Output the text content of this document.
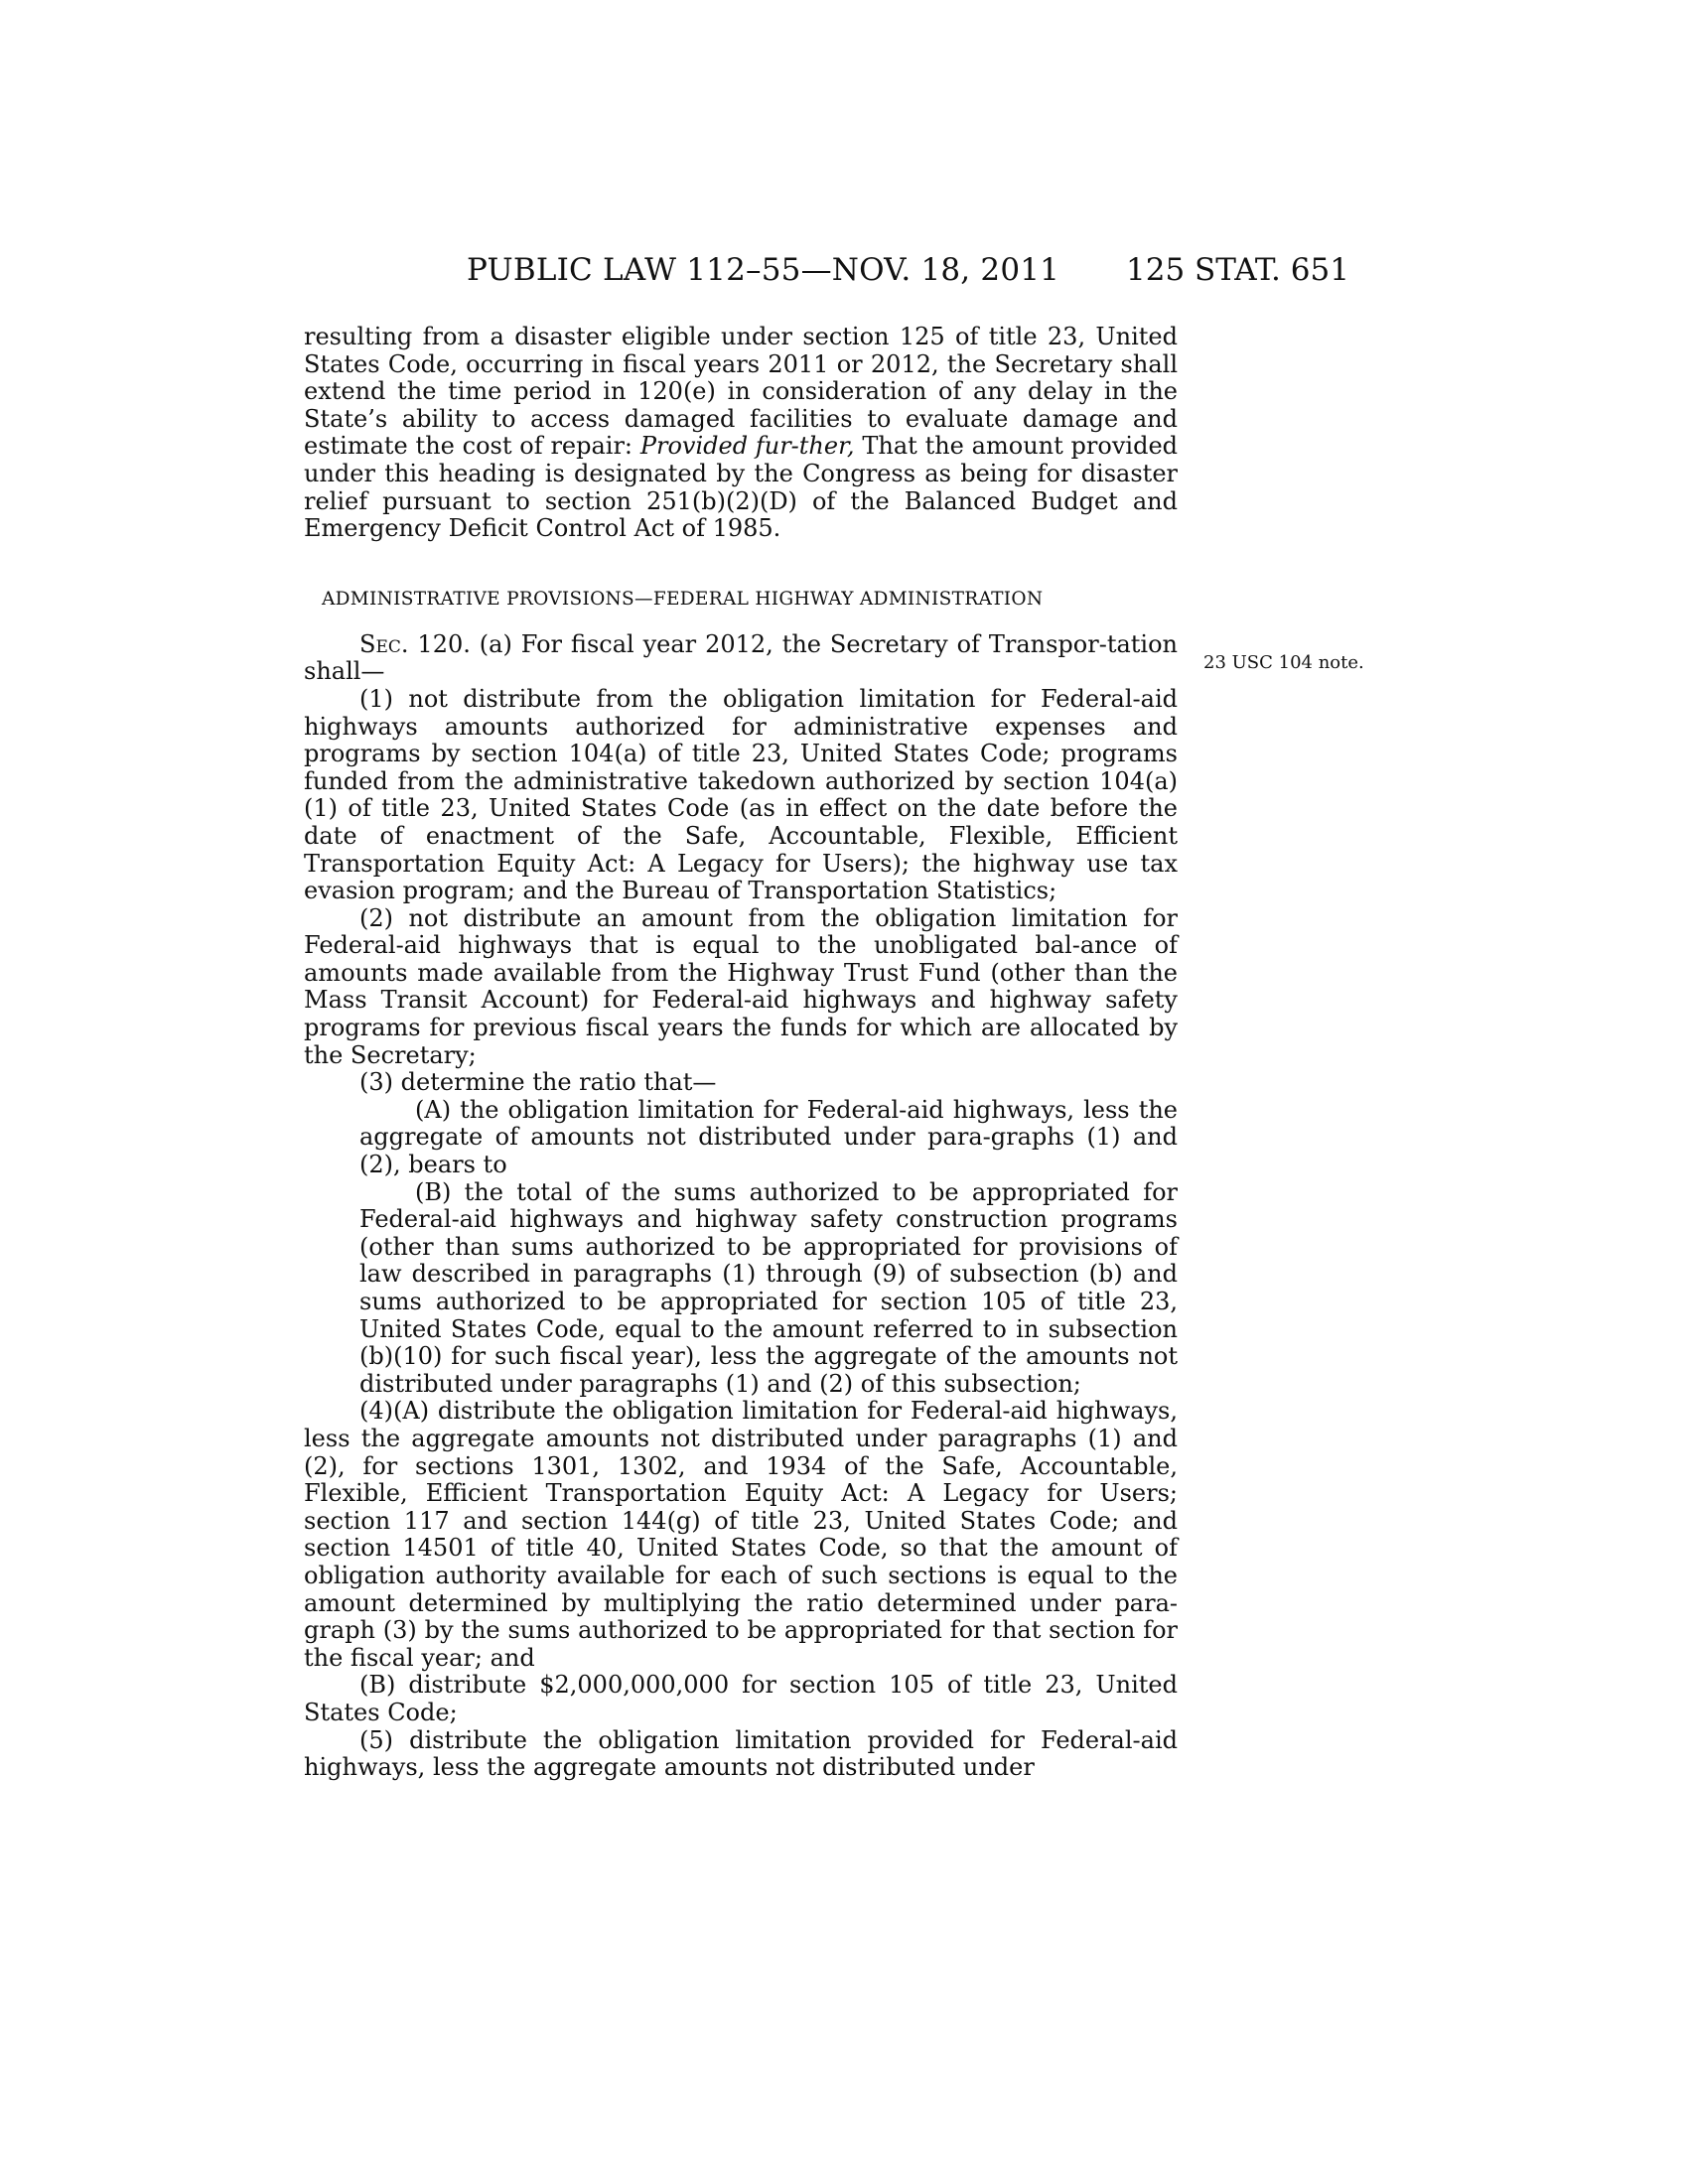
PUBLIC LAW 112–55—NOV. 18, 2011 125 STAT. 651
23 USC 104 note.

resulting from a disaster eligible under section 125 of title 23, United States Code, occurring in fiscal years 2011 or 2012, the Secretary shall extend the time period in 120(e) in consideration of any delay in the State’s ability to access damaged facilities to evaluate damage and estimate the cost of repair: Provided fur-ther, That the amount provided under this heading is designated by the Congress as being for disaster relief pursuant to section 251(b)(2)(D) of the Balanced Budget and Emergency Deficit Control Act of 1985.

ADMINISTRATIVE PROVISIONS—FEDERAL HIGHWAY ADMINISTRATION

Sec. 120. (a) For fiscal year 2012, the Secretary of Transpor-tation shall—

(1) not distribute from the obligation limitation for Federal-aid highways amounts authorized for administrative expenses and programs by section 104(a) of title 23, United States Code; programs funded from the administrative takedown authorized by section 104(a)(1) of title 23, United States Code (as in effect on the date before the date of enactment of the Safe, Accountable, Flexible, Efficient Transportation Equity Act: A Legacy for Users); the highway use tax evasion program; and the Bureau of Transportation Statistics;

(2) not distribute an amount from the obligation limitation for Federal-aid highways that is equal to the unobligated bal-ance of amounts made available from the Highway Trust Fund (other than the Mass Transit Account) for Federal-aid highways and highway safety programs for previous fiscal years the funds for which are allocated by the Secretary;

(3) determine the ratio that—

(A) the obligation limitation for Federal-aid highways, less the aggregate of amounts not distributed under para-graphs (1) and (2), bears to

(B) the total of the sums authorized to be appropriated for Federal-aid highways and highway safety construction programs (other than sums authorized to be appropriated for provisions of law described in paragraphs (1) through (9) of subsection (b) and sums authorized to be appropriated for section 105 of title 23, United States Code, equal to the amount referred to in subsection (b)(10) for such fiscal year), less the aggregate of the amounts not distributed under paragraphs (1) and (2) of this subsection;

(4)(A) distribute the obligation limitation for Federal-aid highways, less the aggregate amounts not distributed under paragraphs (1) and (2), for sections 1301, 1302, and 1934 of the Safe, Accountable, Flexible, Efficient Transportation Equity Act: A Legacy for Users; section 117 and section 144(g) of title 23, United States Code; and section 14501 of title 40, United States Code, so that the amount of obligation authority available for each of such sections is equal to the amount determined by multiplying the ratio determined under para-graph (3) by the sums authorized to be appropriated for that section for the fiscal year; and

(B) distribute $2,000,000,000 for section 105 of title 23, United States Code;

(5) distribute the obligation limitation provided for Federal-aid highways, less the aggregate amounts not distributed under
